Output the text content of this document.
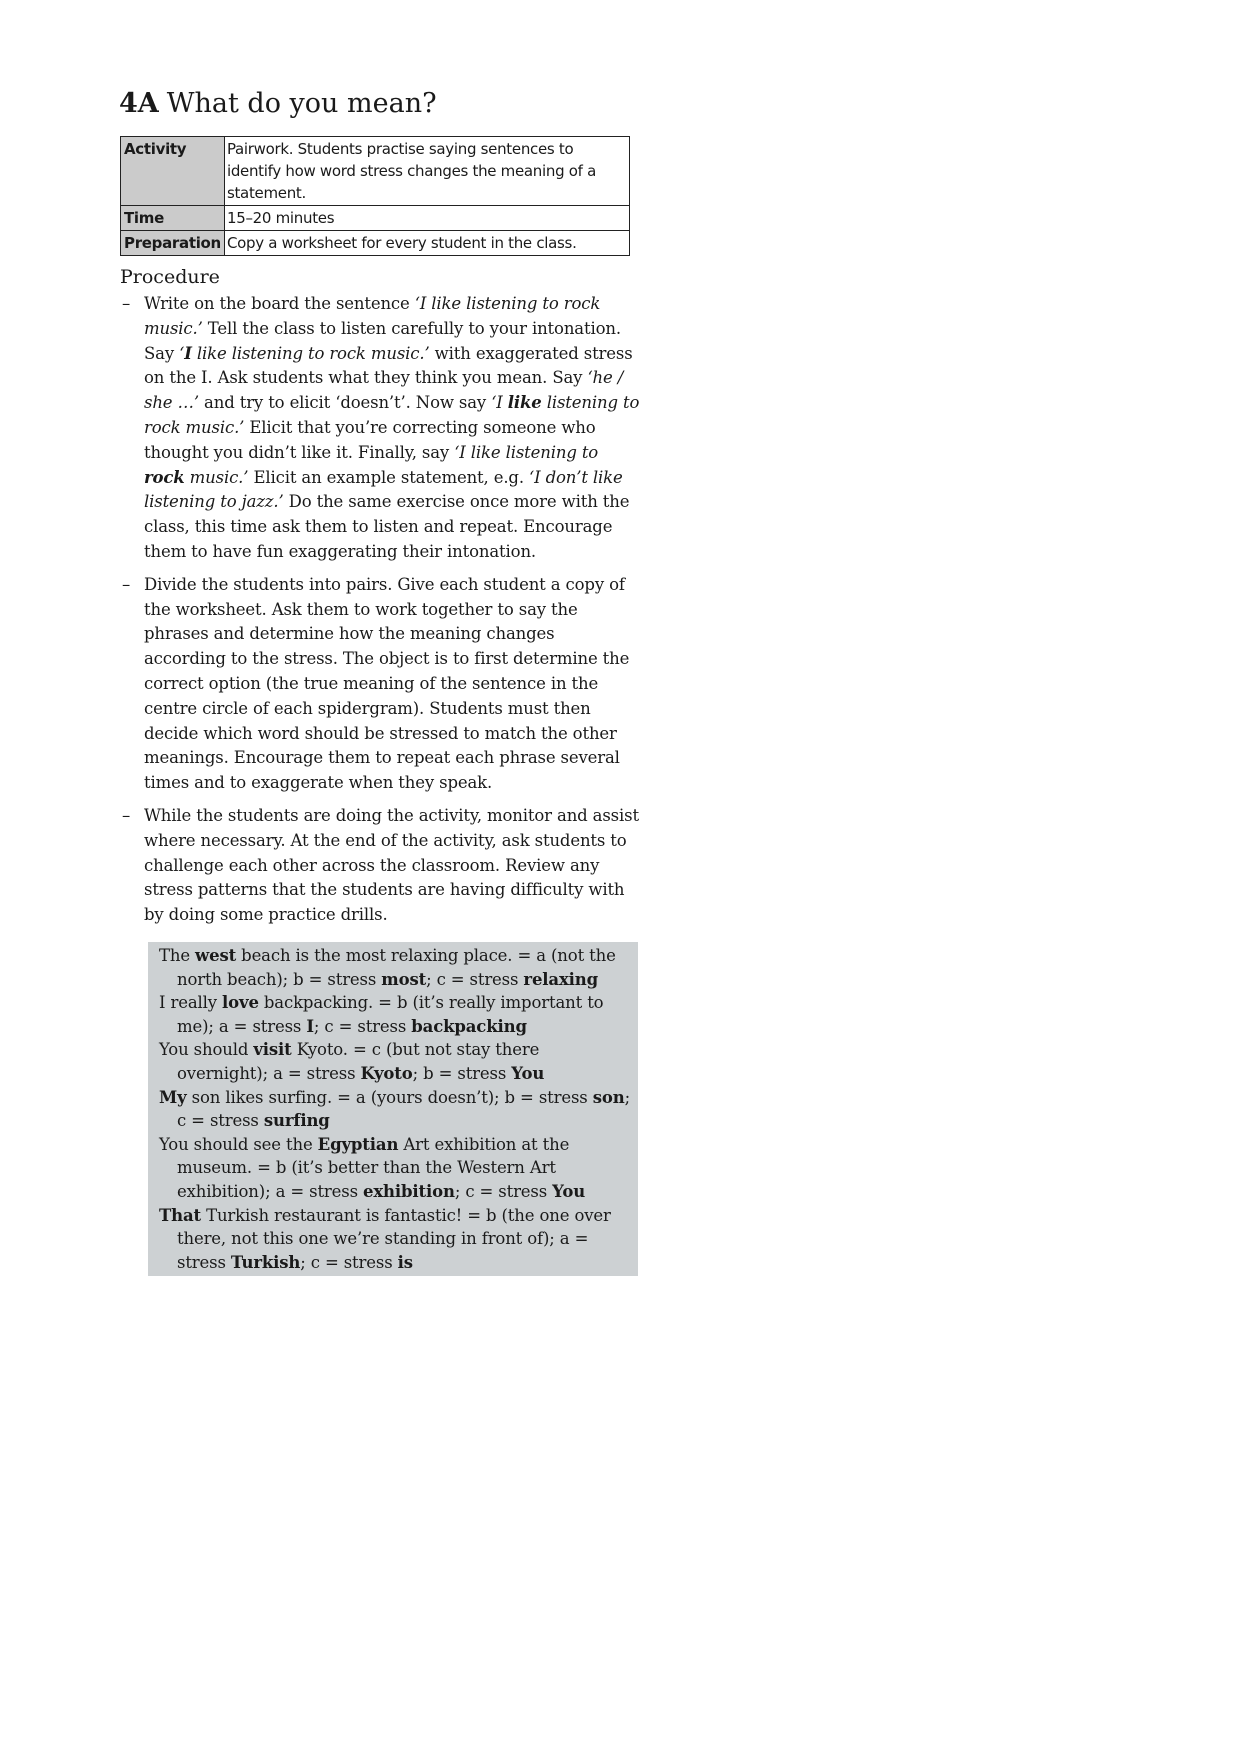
4A What do you mean?
Activity	Pairwork. Students practise saying sentences to identify how word stress changes the meaning of a statement.
Time	15–20 minutes
Preparation	Copy a worksheet for every student in the class.
Procedure
– Write on the board the sentence ‘I like listening to rock music.’ Tell the class to listen carefully to your intonation. Say ‘I like listening to rock music.’ with exaggerated stress on the I. Ask students what they think you mean. Say ‘he / she …’ and try to elicit ‘doesn’t’. Now say ‘I like listening to rock music.’ Elicit that you’re correcting someone who thought you didn’t like it. Finally, say ‘I like listening to rock music.’ Elicit an example statement, e.g. ‘I don’t like listening to jazz.’ Do the same exercise once more with the class, this time ask them to listen and repeat. Encourage them to have fun exaggerating their intonation.
– Divide the students into pairs. Give each student a copy of the worksheet. Ask them to work together to say the phrases and determine how the meaning changes according to the stress. The object is to first determine the correct option (the true meaning of the sentence in the centre circle of each spidergram). Students must then decide which word should be stressed to match the other meanings. Encourage them to repeat each phrase several times and to exaggerate when they speak.
– While the students are doing the activity, monitor and assist where necessary. At the end of the activity, ask students to challenge each other across the classroom. Review any stress patterns that the students are having difficulty with by doing some practice drills.
The west beach is the most relaxing place. = a (not the north beach); b = stress most; c = stress relaxing
I really love backpacking. = b (it’s really important to me); a = stress I; c = stress backpacking
You should visit Kyoto. = c (but not stay there overnight); a = stress Kyoto; b = stress You
My son likes surfing. = a (yours doesn’t); b = stress son; c = stress surfing
You should see the Egyptian Art exhibition at the museum. = b (it’s better than the Western Art exhibition); a = stress exhibition; c = stress You
That Turkish restaurant is fantastic! = b (the one over there, not this one we’re standing in front of); a = stress Turkish; c = stress is
